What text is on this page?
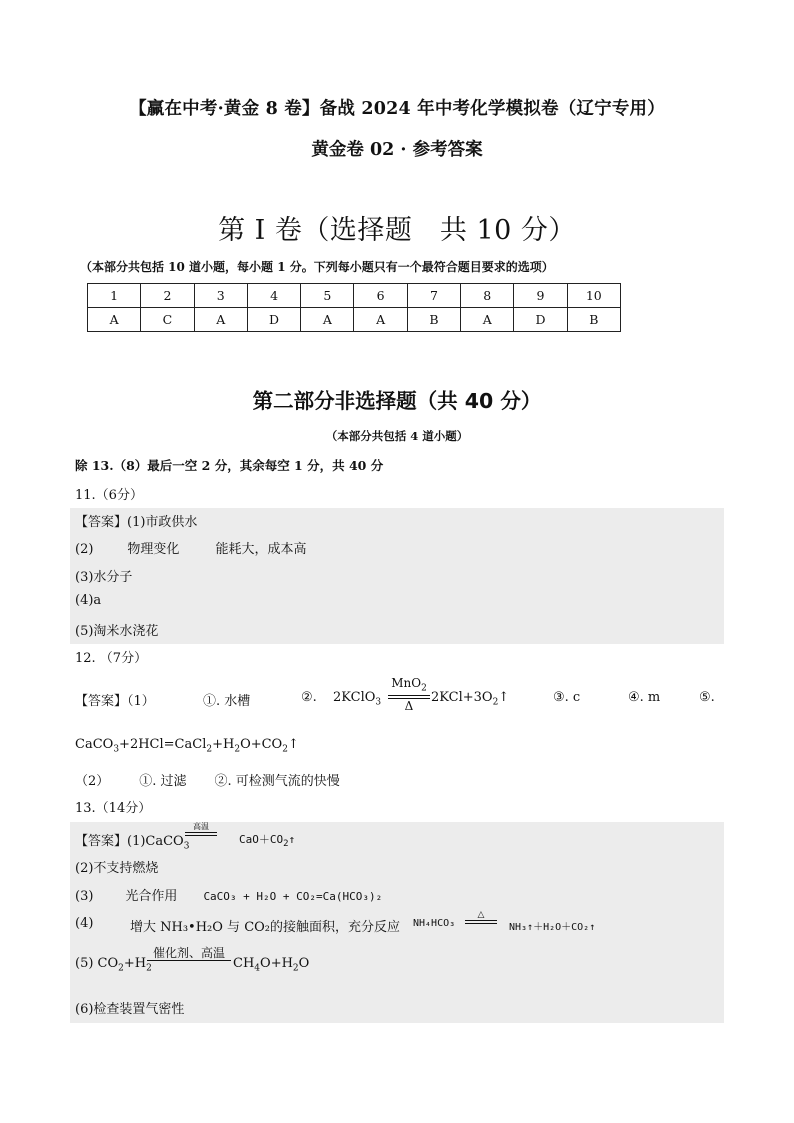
【赢在中考·黄金 8 卷】备战 2024 年中考化学模拟卷（辽宁专用）
黄金卷 02 · 参考答案
第 I 卷（选择题　共 10 分）
（本部分共包括 10 道小题，每小题 1 分。下列每小题只有一个最符合题目要求的选项）
1	2	3	4	5	6	7	8	9	10
A	C	A	D	A	A	B	A	D	B
第二部分非选择题（共 40 分）
（本部分共包括 4 道小题）
除 13.（8）最后一空 2 分，其余每空 1 分，共 40 分
11.（6分）
【答案】(1)市政供水
(2)	物理变化	能耗大，成本高
(3)水分子
(4)a
(5)淘米水浇花
12. （7分）
【答案】（1）	①. 水槽	②. 2KClO$_3$
MnO$_2$
Δ
$2KCl+3O_2↑$	③. c	④. m	⑤.
$CaCO_3+2HCl=CaCl_2+H_2O+CO_2↑$
（2） ①. 过滤 ②. 可检测气流的快慢
13.（14分）
【答案】(1)CaCO$_3$
高温
$CaO+CO_2↑$
(2)不支持燃烧
(3) 光合作用 CaCO₃ + H₂O + CO₂=Ca(HCO₃)₂
(4)	增大 NH₃•H₂O 与 CO₂的接触面积，充分反应 NH₄HCO₃
△
NH₃↑＋H₂O＋CO₂↑
(5) $CO_2+H_2$
催化剂、高温
$CH_4O+H_2O$
(6)检查装置气密性
